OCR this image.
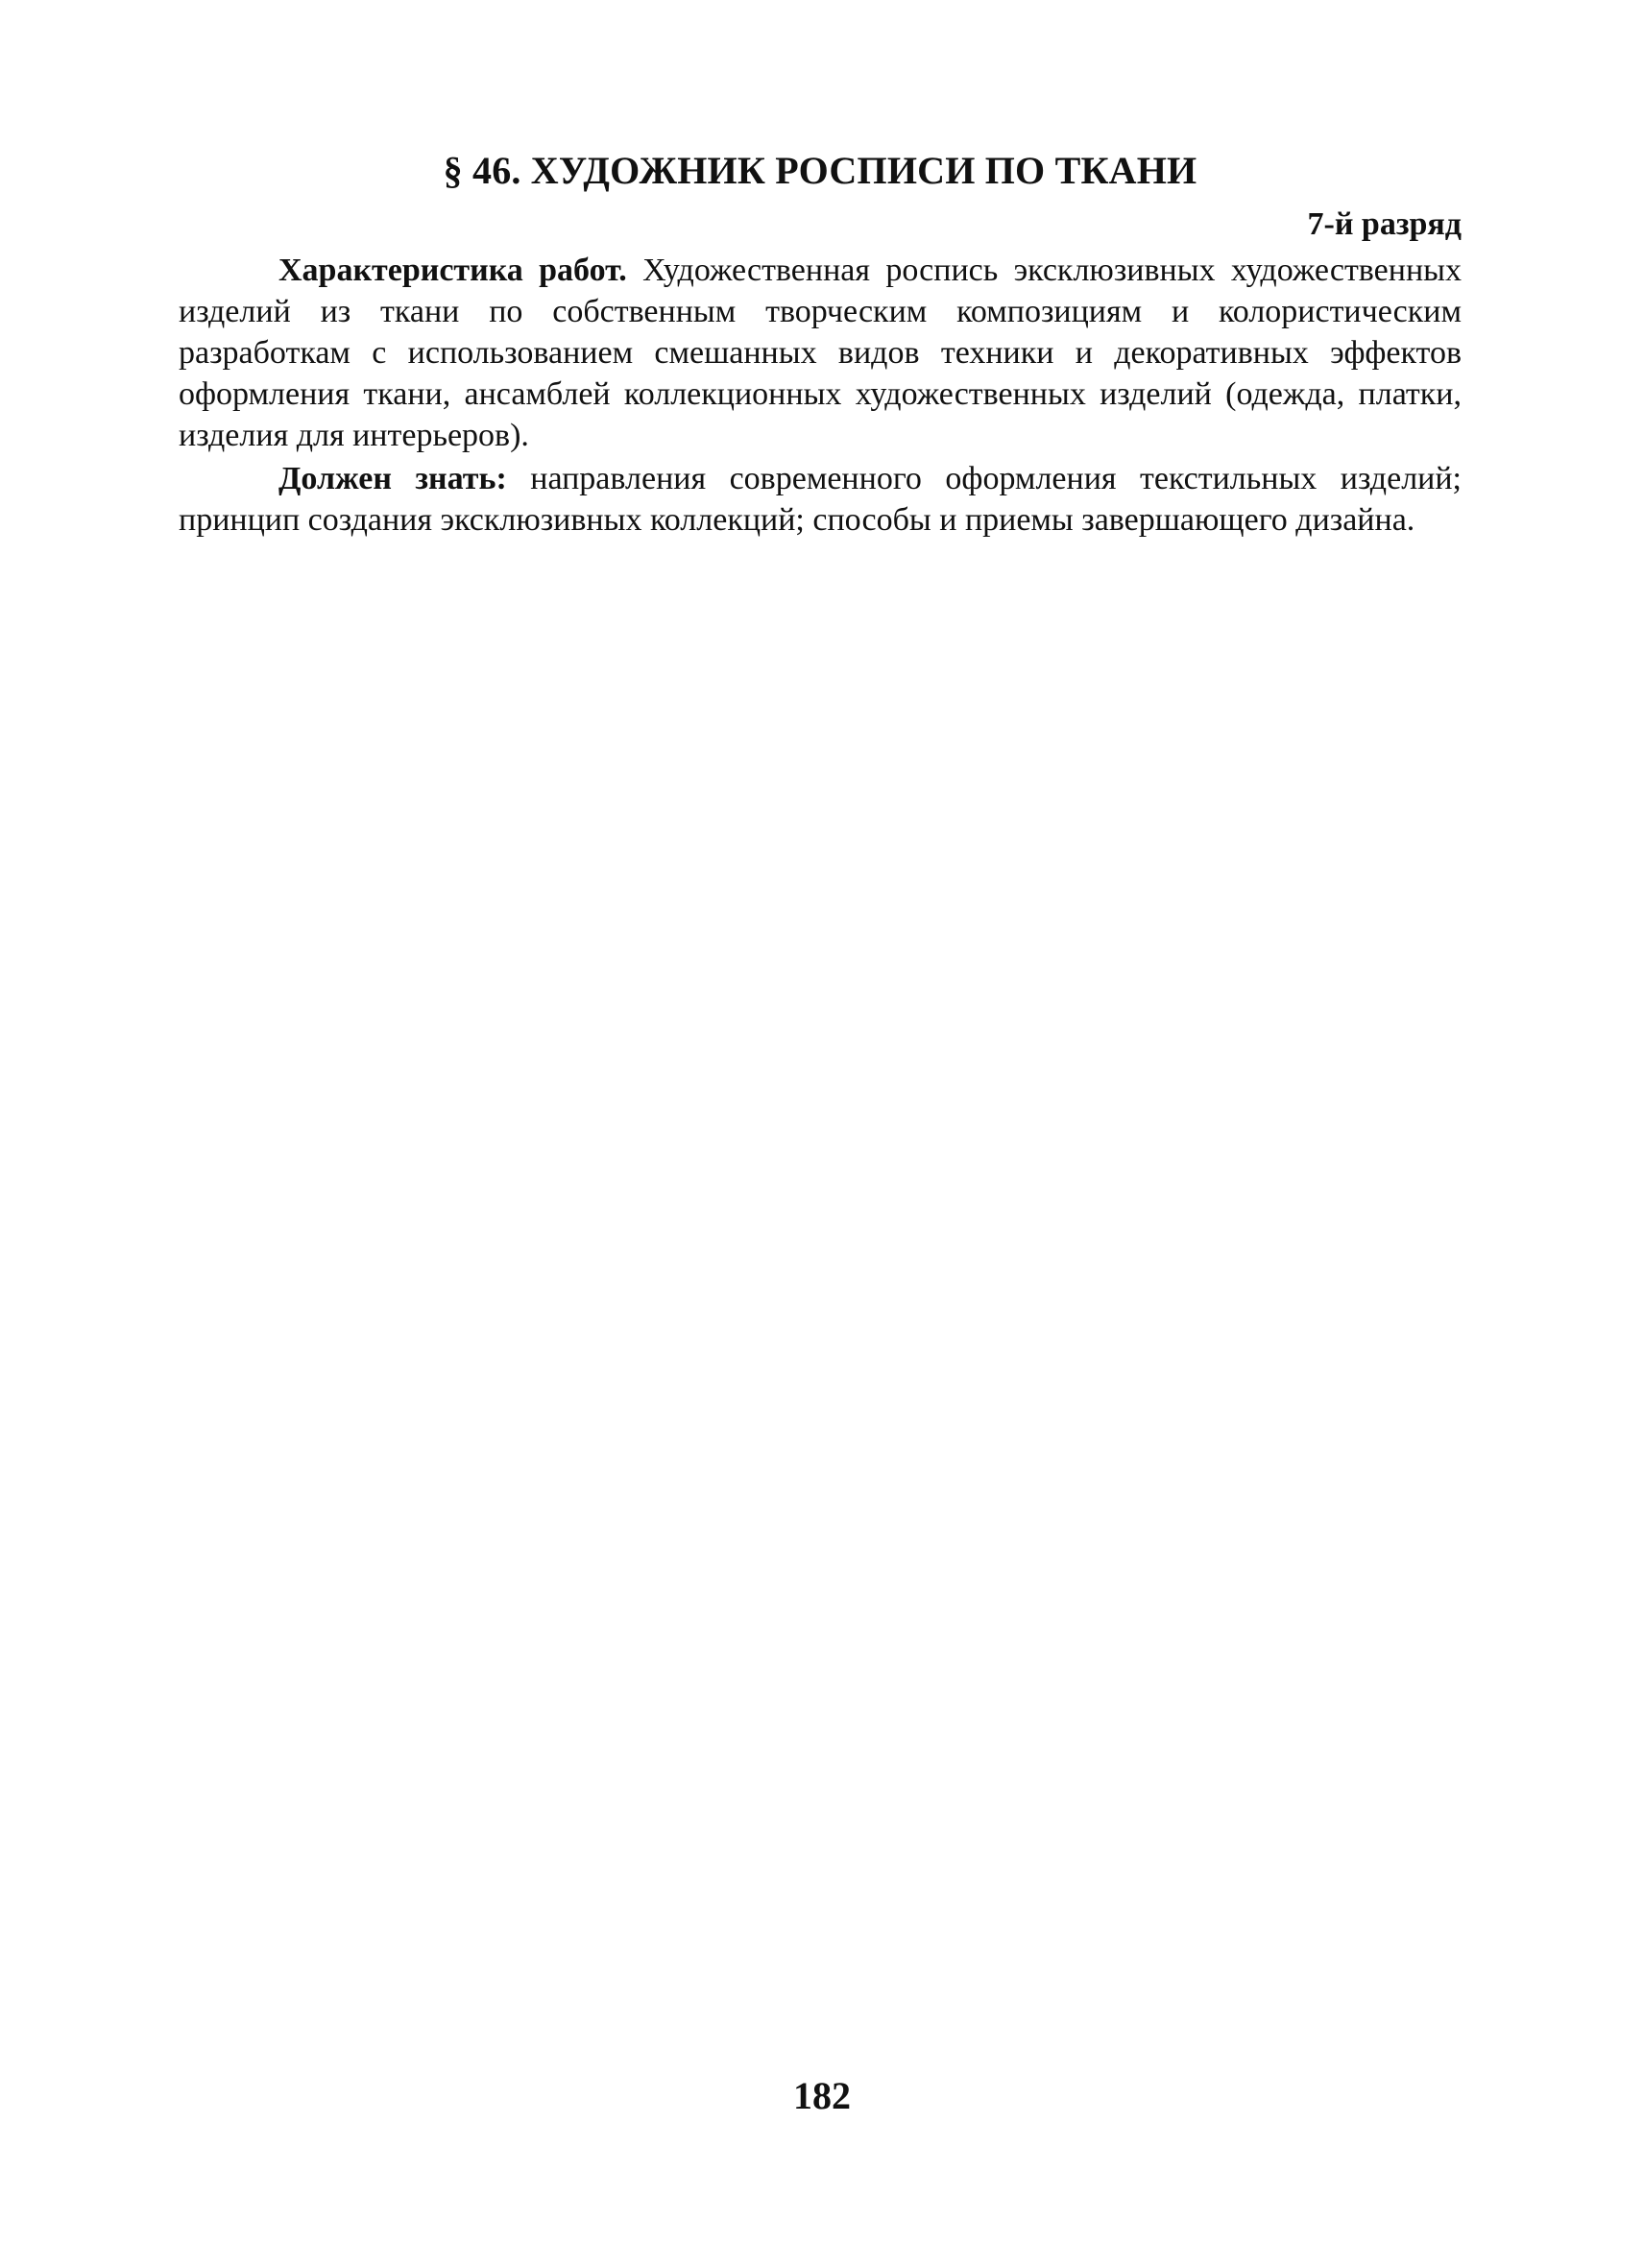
§ 46. ХУДОЖНИК РОСПИСИ ПО ТКАНИ
7-й разряд

Характеристика работ. Художественная роспись эксклюзивных художественных изделий из ткани по собственным творческим композициям и колористическим разработкам с использованием смешанных видов техники и декоративных эффектов оформления ткани, ансамблей коллекционных художественных изделий (одежда, платки, изделия для интерьеров).

Должен знать: направления современного оформления текстильных изделий; принцип создания эксклюзивных коллекций; способы и приемы завершающего дизайна.

182
